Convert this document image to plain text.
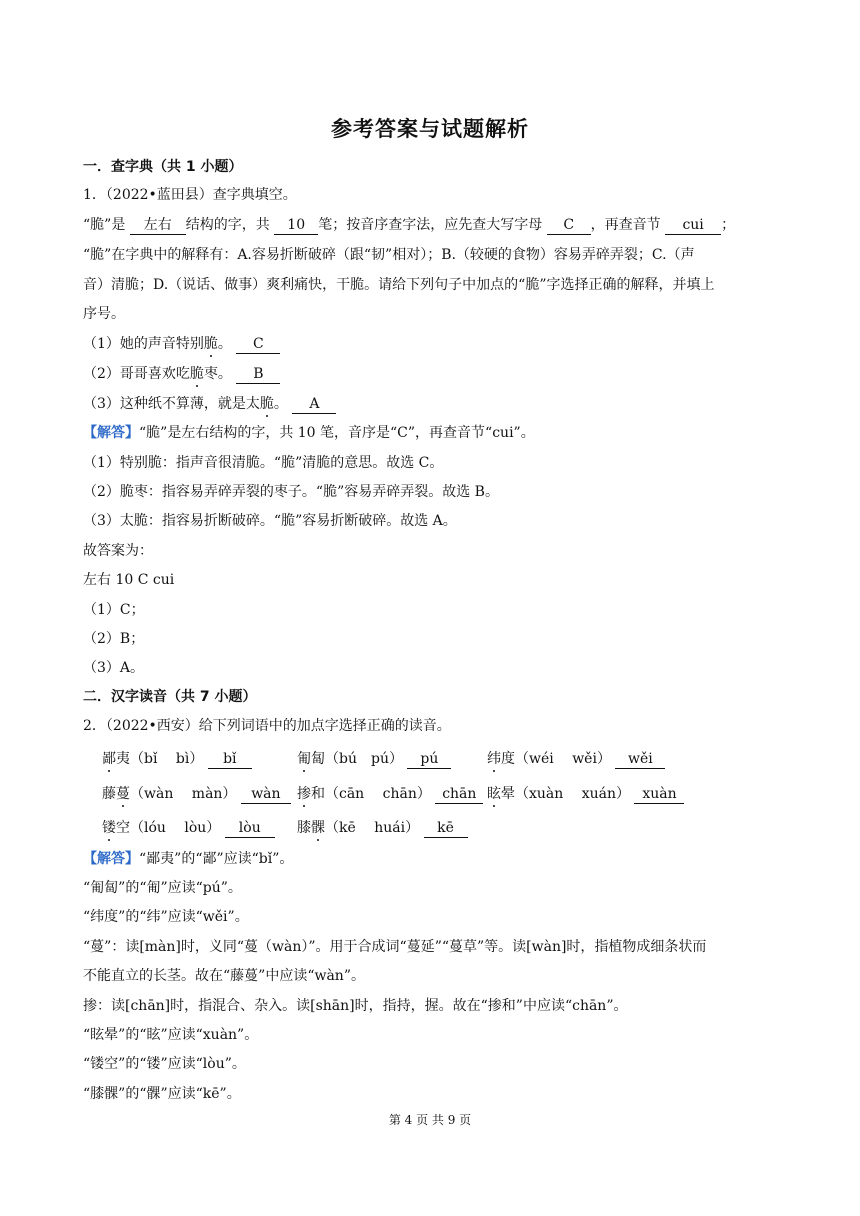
参考答案与试题解析
一．查字典（共 1 小题）
1．（2022•蓝田县）查字典填空。
“脆”是 左右 结构的字，共 10 笔；按音序查字法，应先查大写字母 C ，再查音节 cui ；
“脆”在字典中的解释有：A.容易折断破碎（跟“韧”相对）；B.（较硬的食物）容易弄碎弄裂；C.（声
音）清脆；D.（说话、做事）爽利痛快，干脆。请给下列句子中加点的“脆”字选择正确的解释，并填上
序号。
（1）她的声音特别脆。 C
（2）哥哥喜欢吃脆枣。 B
（3）这种纸不算薄，就是太脆。 A
【解答】“脆”是左右结构的字，共 10 笔，音序是“C”，再查音节“cui”。
（1）特别脆：指声音很清脆。“脆”清脆的意思。故选 C。
（2）脆枣：指容易弄碎弄裂的枣子。“脆”容易弄碎弄裂。故选 B。
（3）太脆：指容易折断破碎。“脆”容易折断破碎。故选 A。
故答案为：
左右 10 C cui
（1）C；
（2）B；
（3）A。
二．汉字读音（共 7 小题）
2．（2022•西安）给下列词语中的加点字选择正确的读音。
鄙夷（bǐ　 bì） bǐ	匍匐（bú　pú） pú	纬度（wéi　 wěi） wěi
藤蔓（wàn　 màn） wàn 掺和（cān　 chān） chān 眩晕（xuàn　 xuán） xuàn
镂空（lóu　 lòu） lòu	膝髁（kē　 huái） kē
【解答】“鄙夷”的“鄙”应读“bǐ”。
“匍匐”的“匍”应读“pú”。
“纬度”的“纬”应读“wěi”。
“蔓”：读[màn]时，义同“蔓（wàn）”。用于合成词“蔓延”“蔓草”等。读[wàn]时，指植物成细条状而
不能直立的长茎。故在“藤蔓”中应读“wàn”。
掺：读[chān]时，指混合、杂入。读[shān]时，指持，握。故在“掺和”中应读“chān”。
“眩晕”的“眩”应读“xuàn”。
“镂空”的“镂”应读“lòu”。
“膝髁”的“髁”应读“kē”。
第 4 页 共 9 页
